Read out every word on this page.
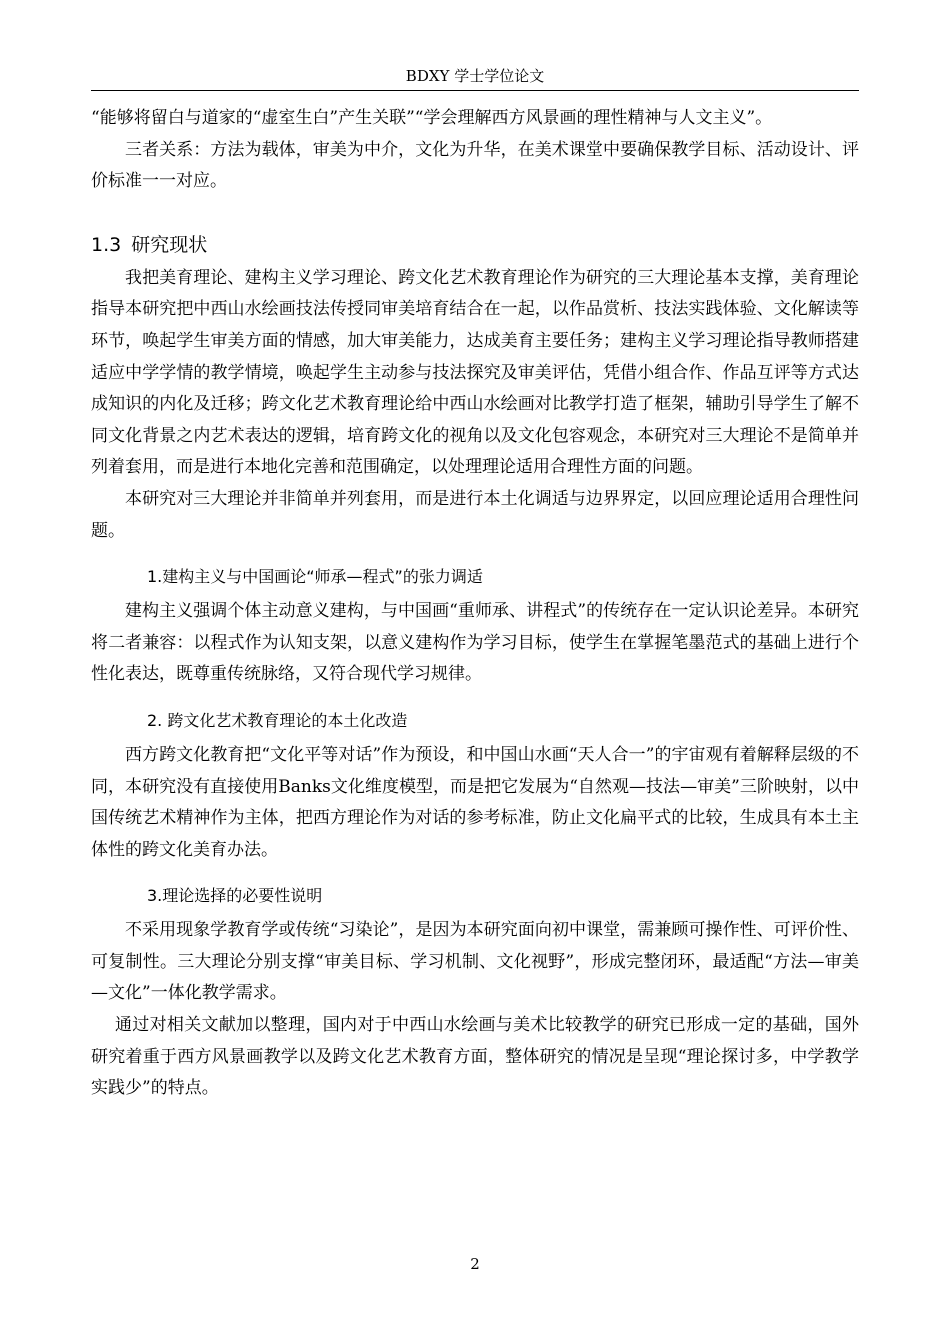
BDXY 学士学位论文

“能够将留白与道家的“虚室生白”产生关联”“学会理解西方风景画的理性精神与人文主义”。

三者关系：方法为载体，审美为中介，文化为升华，在美术课堂中要确保教学目标、活动设计、评价标准一一对应。

1.3 研究现状

我把美育理论、建构主义学习理论、跨文化艺术教育理论作为研究的三大理论基本支撑，美育理论指导本研究把中西山水绘画技法传授同审美培育结合在一起，以作品赏析、技法实践体验、文化解读等环节，唤起学生审美方面的情感，加大审美能力，达成美育主要任务；建构主义学习理论指导教师搭建适应中学学情的教学情境，唤起学生主动参与技法探究及审美评估，凭借小组合作、作品互评等方式达成知识的内化及迁移；跨文化艺术教育理论给中西山水绘画对比教学打造了框架，辅助引导学生了解不同文化背景之内艺术表达的逻辑，培育跨文化的视角以及文化包容观念，本研究对三大理论不是简单并列着套用，而是进行本地化完善和范围确定，以处理理论适用合理性方面的问题。

本研究对三大理论并非简单并列套用，而是进行本土化调适与边界界定，以回应理论适用合理性问题。

1.建构主义与中国画论“师承—程式”的张力调适

建构主义强调个体主动意义建构，与中国画“重师承、讲程式”的传统存在一定认识论差异。本研究将二者兼容：以程式作为认知支架，以意义建构作为学习目标，使学生在掌握笔墨范式的基础上进行个性化表达，既尊重传统脉络，又符合现代学习规律。

2. 跨文化艺术教育理论的本土化改造

西方跨文化教育把“文化平等对话”作为预设，和中国山水画“天人合一”的宇宙观有着解释层级的不同，本研究没有直接使用Banks文化维度模型，而是把它发展为“自然观—技法—审美”三阶映射，以中国传统艺术精神作为主体，把西方理论作为对话的参考标准，防止文化扁平式的比较，生成具有本土主体性的跨文化美育办法。

3.理论选择的必要性说明

不采用现象学教育学或传统“习染论”，是因为本研究面向初中课堂，需兼顾可操作性、可评价性、可复制性。三大理论分别支撑“审美目标、学习机制、文化视野”，形成完整闭环，最适配“方法—审美—文化”一体化教学需求。

通过对相关文献加以整理，国内对于中西山水绘画与美术比较教学的研究已形成一定的基础，国外研究着重于西方风景画教学以及跨文化艺术教育方面，整体研究的情况是呈现“理论探讨多，中学教学实践少”的特点。

2
